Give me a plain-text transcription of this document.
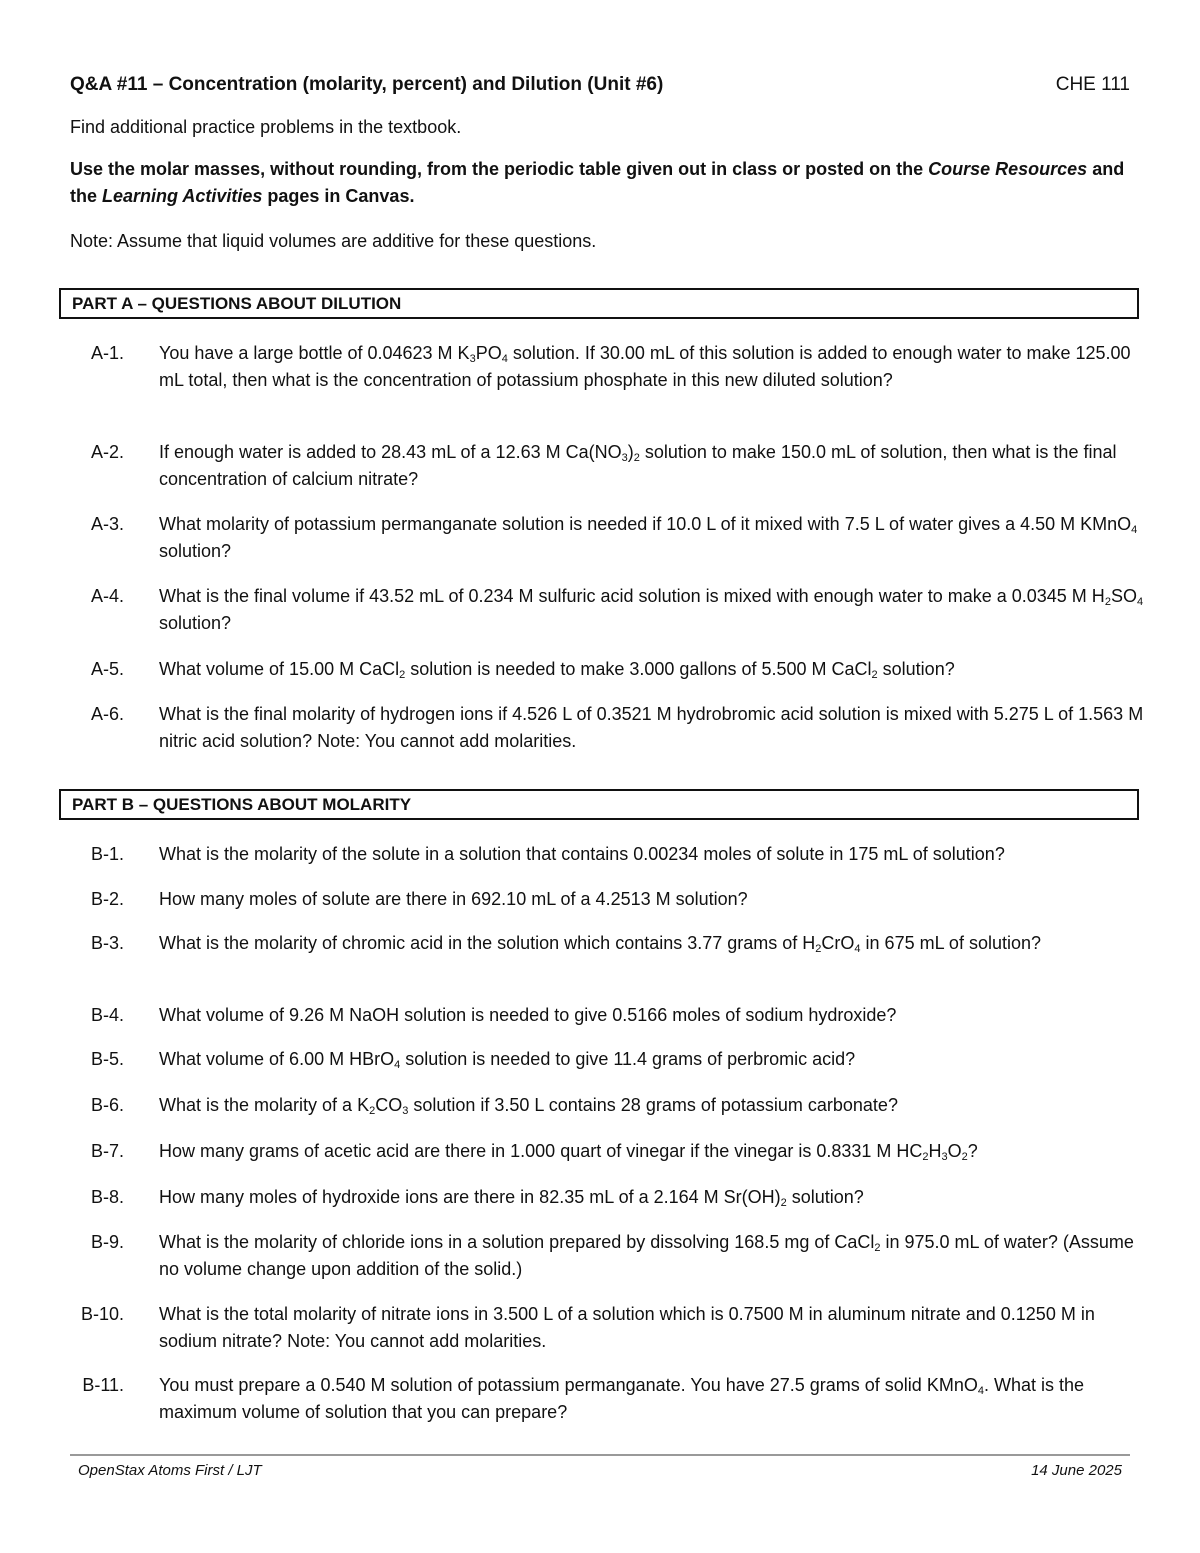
Q&A #11 – Concentration (molarity, percent) and Dilution (Unit #6)	CHE 111
Find additional practice problems in the textbook.
Use the molar masses, without rounding, from the periodic table given out in class or posted on the Course Resources and the Learning Activities pages in Canvas.
Note: Assume that liquid volumes are additive for these questions.
PART A – QUESTIONS ABOUT DILUTION
A-1. You have a large bottle of 0.04623 M $K_3PO_4$ solution. If 30.00 mL of this solution is added to enough water to make 125.00 mL total, then what is the concentration of potassium phosphate in this new diluted solution?
A-2. If enough water is added to 28.43 mL of a 12.63 M $Ca(NO_3)_2$ solution to make 150.0 mL of solution, then what is the final concentration of calcium nitrate?
A-3. What molarity of potassium permanganate solution is needed if 10.0 L of it mixed with 7.5 L of water gives a 4.50 M KMnO$_4$ solution?
A-4. What is the final volume if 43.52 mL of 0.234 M sulfuric acid solution is mixed with enough water to make a 0.0345 M $H_2SO_4$ solution?
A-5. What volume of 15.00 M CaCl$_2$ solution is needed to make 3.000 gallons of 5.500 M CaCl$_2$ solution?
A-6. What is the final molarity of hydrogen ions if 4.526 L of 0.3521 M hydrobromic acid solution is mixed with 5.275 L of 1.563 M nitric acid solution? Note: You cannot add molarities.
PART B – QUESTIONS ABOUT MOLARITY
B-1. What is the molarity of the solute in a solution that contains 0.00234 moles of solute in 175 mL of solution?
B-2. How many moles of solute are there in 692.10 mL of a 4.2513 M solution?
B-3. What is the molarity of chromic acid in the solution which contains 3.77 grams of $H_2CrO_4$ in 675 mL of solution?
B-4. What volume of 9.26 M NaOH solution is needed to give 0.5166 moles of sodium hydroxide?
B-5. What volume of 6.00 M HBrO$_4$ solution is needed to give 11.4 grams of perbromic acid?
B-6. What is the molarity of a $K_2CO_3$ solution if 3.50 L contains 28 grams of potassium carbonate?
B-7. How many grams of acetic acid are there in 1.000 quart of vinegar if the vinegar is 0.8331 M $HC_2H_3O_2$?
B-8. How many moles of hydroxide ions are there in 82.35 mL of a 2.164 M $Sr(OH)_2$ solution?
B-9. What is the molarity of chloride ions in a solution prepared by dissolving 168.5 mg of CaCl$_2$ in 975.0 mL of water? (Assume no volume change upon addition of the solid.)
B-10. What is the total molarity of nitrate ions in 3.500 L of a solution which is 0.7500 M in aluminum nitrate and 0.1250 M in sodium nitrate? Note: You cannot add molarities.
B-11. You must prepare a 0.540 M solution of potassium permanganate. You have 27.5 grams of solid KMnO$_4$. What is the maximum volume of solution that you can prepare?
OpenStax Atoms First / LJT	14 June 2025
